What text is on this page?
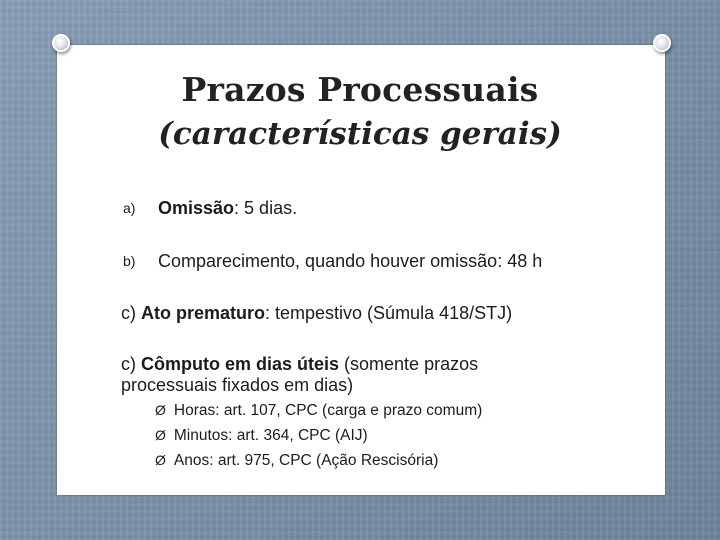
Prazos Processuais
(características gerais)
a) Omissão: 5 dias.
b) Comparecimento, quando houver omissão: 48 h
c) Ato prematuro: tempestivo (Súmula 418/STJ)
c) Cômputo em dias úteis (somente prazos
processuais fixados em dias)
Ø Horas: art. 107, CPC (carga e prazo comum)
Ø Minutos: art. 364, CPC (AIJ)
Ø Anos: art. 975, CPC (Ação Rescisória)
